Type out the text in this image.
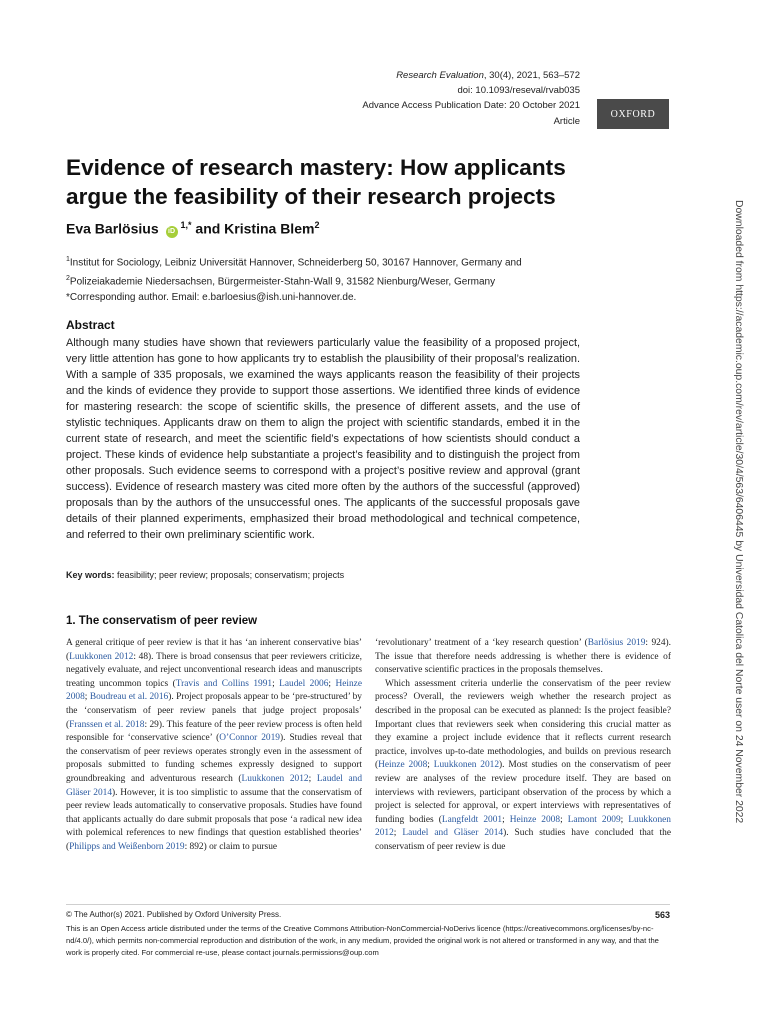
Research Evaluation, 30(4), 2021, 563–572
doi: 10.1093/reseval/rvab035
Advance Access Publication Date: 20 October 2021
Article
OXFORD
Evidence of research mastery: How applicants argue the feasibility of their research projects

Eva Barlösius $iD^{1,*}$ and Kristina Blem$^2$

$^1$Institut for Sociology, Leibniz Universität Hannover, Schneiderberg 50, 30167 Hannover, Germany and

$^2$Polizeiakademie Niedersachsen, Bürgermeister-Stahn-Wall 9, 31582 Nienburg/Weser, Germany

*Corresponding author. Email: e.barloesius@ish.uni-hannover.de.
Abstract

Although many studies have shown that reviewers particularly value the feasibility of a proposed project, very little attention has gone to how applicants try to establish the plausibility of their proposal’s realization. With a sample of 335 proposals, we examined the ways applicants reason the feasibility of their projects and the kinds of evidence they provide to support those assertions. We identified three kinds of evidence for mastering research: the scope of scientific skills, the presence of different assets, and the use of stylistic techniques. Applicants draw on them to align the project with scientific standards, embed it in the current state of research, and meet the scientific field’s expectations of how scientists should conduct a project. These kinds of evidence help substantiate a project’s feasibility and to distinguish the project from other proposals. Such evidence seems to correspond with a project’s positive review and approval (grant success). Evidence of research mastery was cited more often by the authors of the successful (approved) proposals than by the authors of the unsuccessful ones. The applicants of the successful proposals gave details of their planned experiments, emphasized their broad methodological and technical competence, and referred to their own preliminary scientific work.

Key words: feasibility; peer review; proposals; conservatism; projects
1. The conservatism of peer review

A general critique of peer review is that it has ‘an inherent conservative bias’ (Luukkonen 2012: 48). There is broad consensus that peer reviewers criticize, negatively evaluate, and reject unconventional research ideas and manuscripts treating uncommon topics (Travis and Collins 1991; Laudel 2006; Heinze 2008; Boudreau et al. 2016). Project proposals appear to be ‘pre-structured’ by the ‘conservatism of peer review panels that judge project proposals’ (Franssen et al. 2018: 29). This feature of the peer review process is often held responsible for ‘conservative science’ (O’Connor 2019). Studies reveal that the conservatism of peer reviews operates strongly even in the assessment of proposals submitted to funding schemes expressly designed to support groundbreaking and adventurous research (Luukkonen 2012; Laudel and Gläser 2014). However, it is too simplistic to assume that the conservatism of peer review leads automatically to conservative proposals. Studies have found that applicants actually do dare submit proposals that pose ‘a radical new idea with polemical references to new findings that question established theories’ (Philipps and Weißenborn 2019: 892) or claim to pursue

‘revolutionary’ treatment of a ‘key research question’ (Barlösius 2019: 924). The issue that therefore needs addressing is whether there is evidence of conservative scientific practices in the proposals themselves.

Which assessment criteria underlie the conservatism of the peer review process? Overall, the reviewers weigh whether the research project as described in the proposal can be executed as planned: Is the project feasible? Important clues that reviewers seek when considering this crucial matter as they examine a project include evidence that it reflects current research practice, involves up-to-date methodologies, and builds on previous research (Heinze 2008; Luukkonen 2012). Most studies on the conservatism of peer review are analyses of the review procedure itself. They are based on interviews with reviewers, participant observation of the process by which a project is selected for approval, or expert interviews with representatives of funding bodies (Langfeldt 2001; Heinze 2008; Lamont 2009; Luukkonen 2012; Laudel and Gläser 2014). Such studies have concluded that the conservatism of peer review is due

© The Author(s) 2021. Published by Oxford University Press.	563

This is an Open Access article distributed under the terms of the Creative Commons Attribution-NonCommercial-NoDerivs licence (https://creativecommons.org/licenses/by-nc-nd/4.0/), which permits non-commercial reproduction and distribution of the work, in any medium, provided the original work is not altered or transformed in any way, and that the work is properly cited. For commercial re-use, please contact journals.permissions@oup.com

Downloaded from https://academic.oup.com/rev/article/30/4/563/6406445 by Universidad Catolica del Norte user on 24 November 2022
